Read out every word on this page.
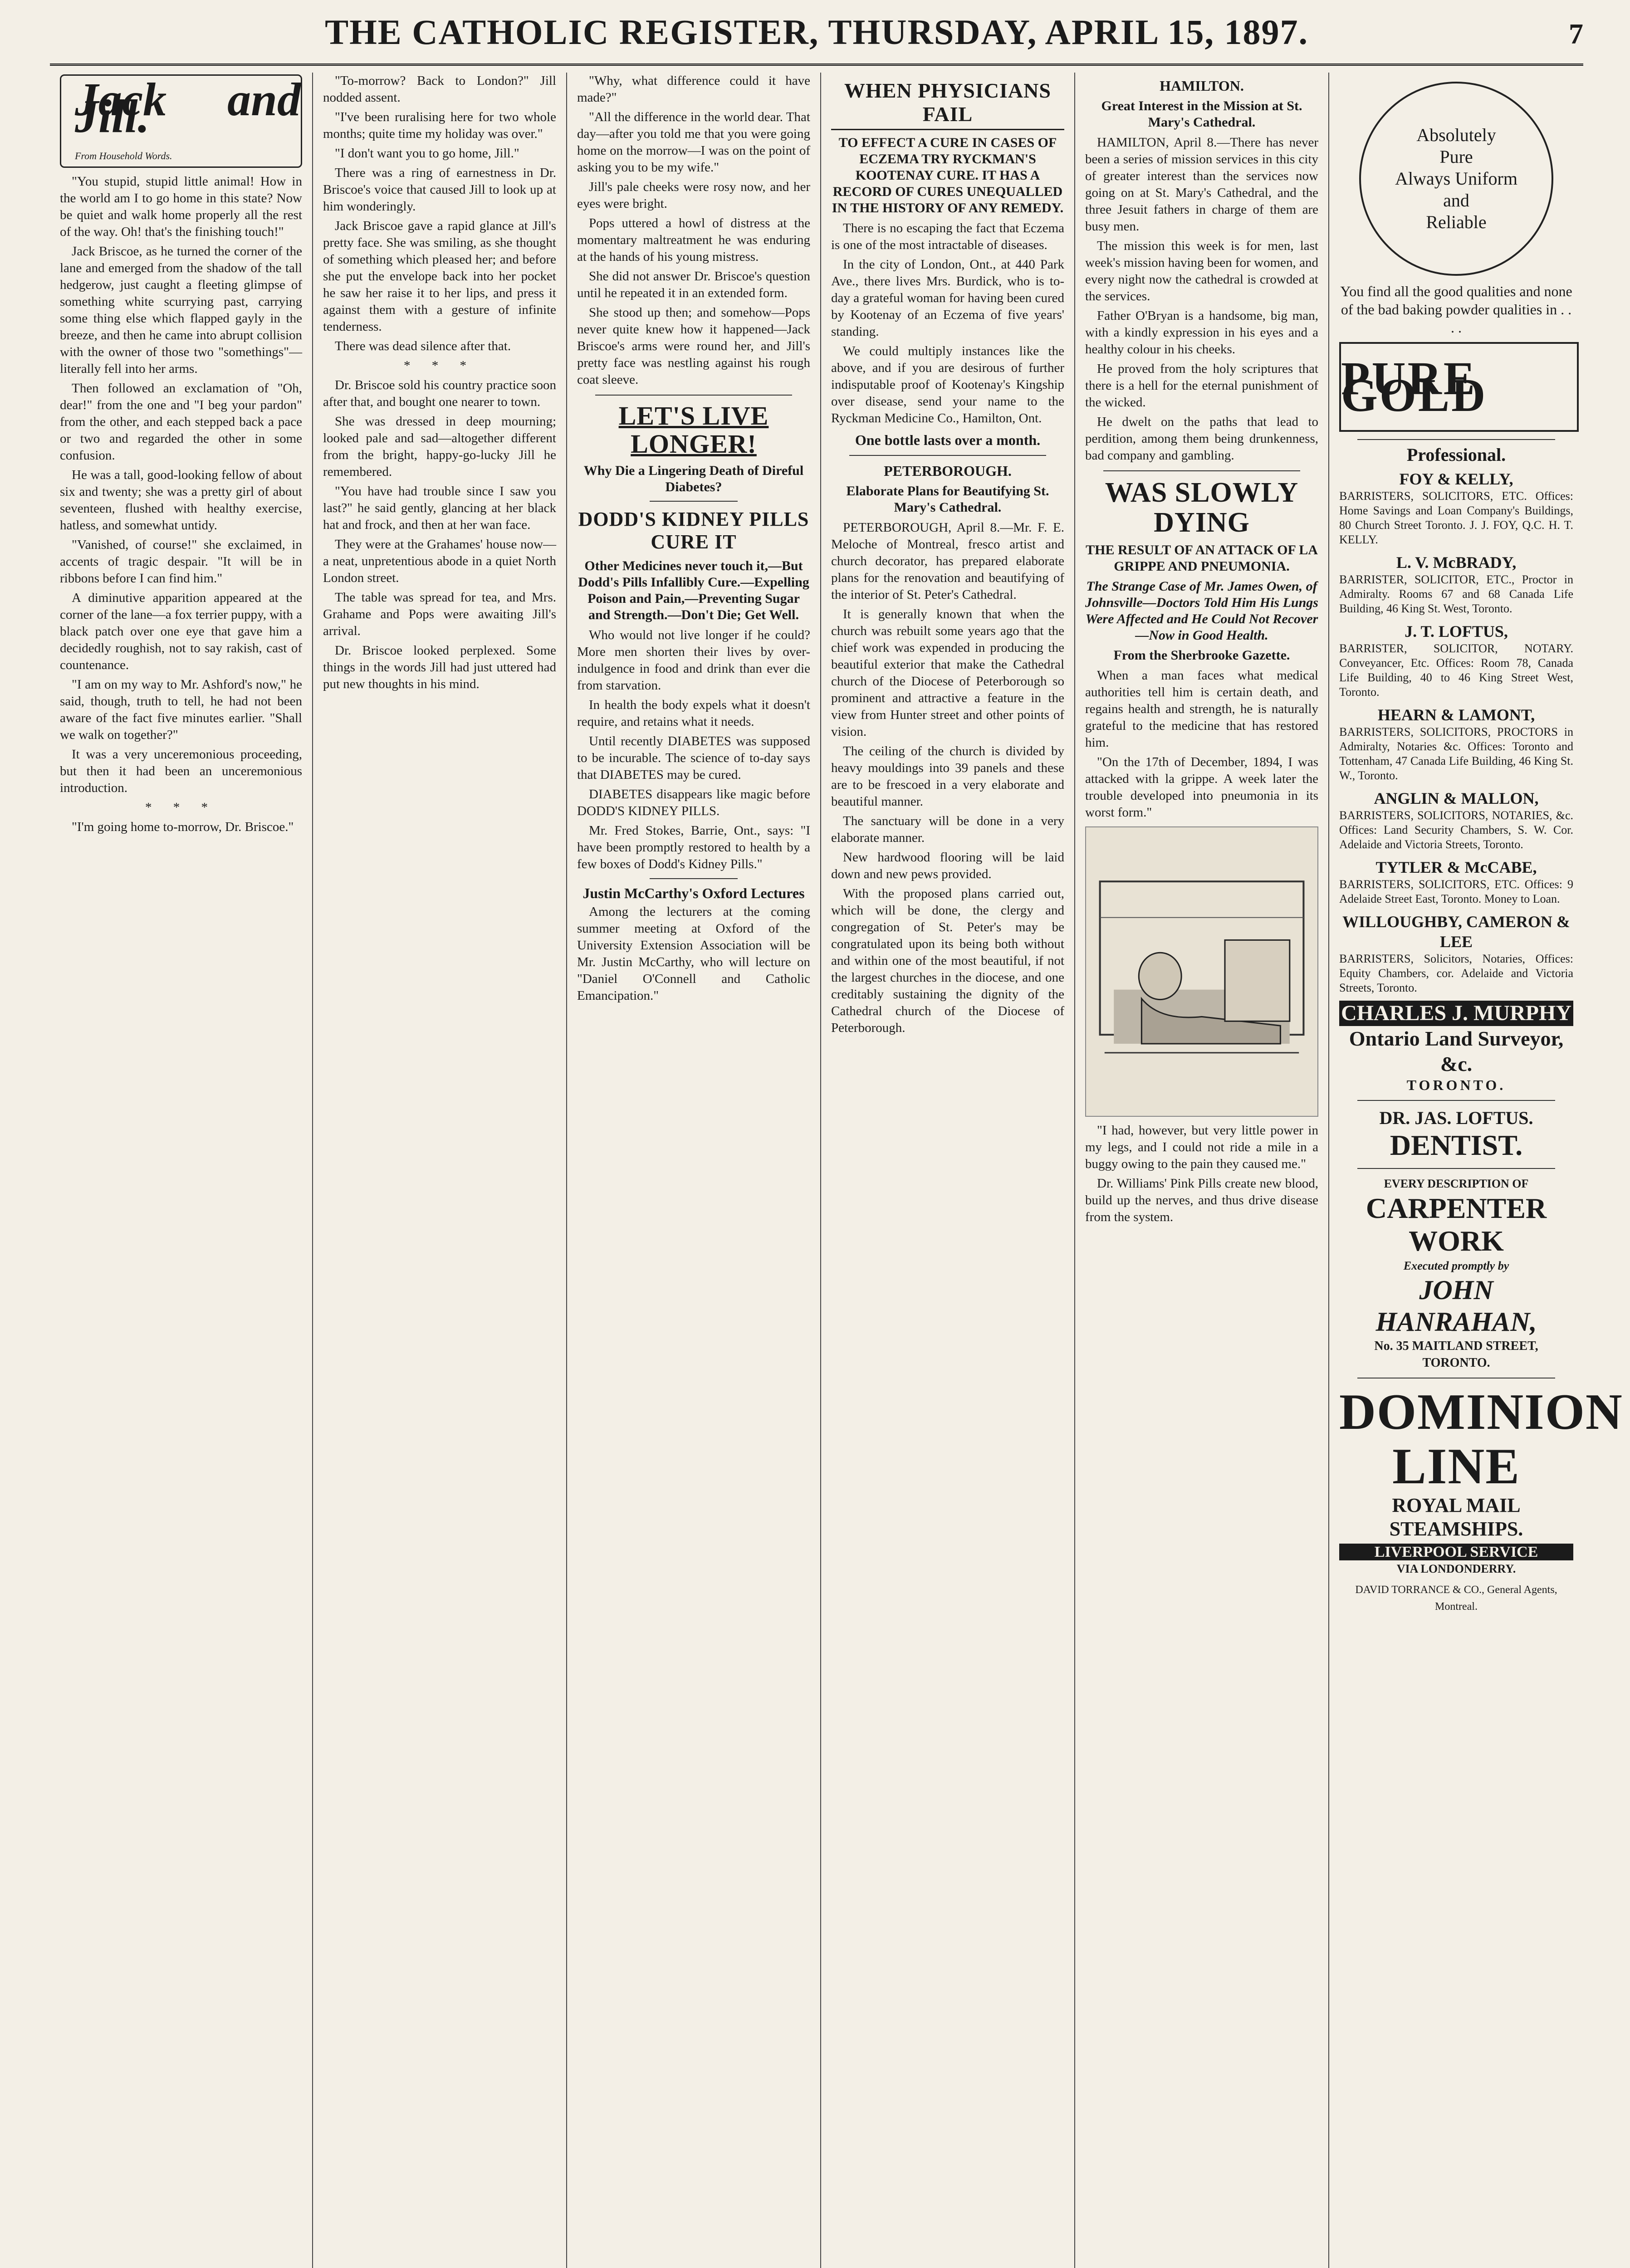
THE CATHOLIC REGISTER, THURSDAY, APRIL 15, 1897.	7
Jack and Jill.
From Household Words.

"You stupid, stupid little animal! How in the world am I to go home in this state? Now be quiet and walk home properly all the rest of the way. Oh! that's the finishing touch!"

Jack Briscoe, as he turned the corner of the lane and emerged from the shadow of the tall hedgerow, just caught a fleeting glimpse of something white scurrying past, carrying some thing else which flapped gayly in the breeze, and then he came into abrupt collision with the owner of those two "somethings"—literally fell into her arms.

Then followed an exclamation of "Oh, dear!" from the one and "I beg your pardon" from the other, and each stepped back a pace or two and regarded the other in some confusion.

He was a tall, good-looking fellow of about six and twenty; she was a pretty girl of about seventeen, flushed with healthy exercise, hatless, and somewhat untidy.

"Vanished, of course!" she exclaimed, in accents of tragic despair. "It will be in ribbons before I can find him."

A diminutive apparition appeared at the corner of the lane—a fox terrier puppy, with a black patch over one eye that gave him a decidedly roughish, not to say rakish, cast of countenance.

"I am on my way to Mr. Ashford's now," he said, though, truth to tell, he had not been aware of the fact five minutes earlier. "Shall we walk on together?"

It was a very unceremonious proceeding, but then it had been an unceremonious introduction.

* * *

"I'm going home to-morrow, Dr. Briscoe."

"To-morrow? Back to London?" Jill nodded assent.

"I've been ruralising here for two whole months; quite time my holiday was over."

"I don't want you to go home, Jill."

There was a ring of earnestness in Dr. Briscoe's voice that caused Jill to look up at him wonderingly.

Jack Briscoe gave a rapid glance at Jill's pretty face. She was smiling, as she thought of something which pleased her; and before she put the envelope back into her pocket he saw her raise it to her lips, and press it against them with a gesture of infinite tenderness.

There was dead silence after that.

* * *

Dr. Briscoe sold his country practice soon after that, and bought one nearer to town.

She was dressed in deep mourning; looked pale and sad—altogether different from the bright, happy-go-lucky Jill he remembered.

"You have had trouble since I saw you last?" he said gently, glancing at her black hat and frock, and then at her wan face.

They were at the Grahames' house now—a neat, unpretentious abode in a quiet North London street.

The table was spread for tea, and Mrs. Grahame and Pops were awaiting Jill's arrival.

Dr. Briscoe looked perplexed. Some things in the words Jill had just uttered had put new thoughts in his mind.

"Why, what difference could it have made?"

"All the difference in the world dear. That day—after you told me that you were going home on the morrow—I was on the point of asking you to be my wife."

Jill's pale cheeks were rosy now, and her eyes were bright.

Pops uttered a howl of distress at the momentary maltreatment he was enduring at the hands of his young mistress.

She did not answer Dr. Briscoe's question until he repeated it in an extended form.

She stood up then; and somehow—Pops never quite knew how it happened—Jack Briscoe's arms were round her, and Jill's pretty face was nestling against his rough coat sleeve.

LET'S LIVE LONGER!
Why Die a Lingering Death of Direful Diabetes?
DODD'S KIDNEY PILLS CURE IT
Other Medicines never touch it,—But Dodd's Pills Infallibly Cure.—Expelling Poison and Pain,—Preventing Sugar and Strength.—Don't Die; Get Well.

Who would not live longer if he could? More men shorten their lives by over-indulgence in food and drink than ever die from starvation.

In health the body expels what it doesn't require, and retains what it needs.

Until recently DIABETES was supposed to be incurable. The science of to-day says that DIABETES may be cured.

DIABETES disappears like magic before DODD'S KIDNEY PILLS.

Mr. Fred Stokes, Barrie, Ont., says: "I have been promptly restored to health by a few boxes of Dodd's Kidney Pills."

Justin McCarthy's Oxford Lectures

Among the lecturers at the coming summer meeting at Oxford of the University Extension Association will be Mr. Justin McCarthy, who will lecture on "Daniel O'Connell and Catholic Emancipation."

WHEN PHYSICIANS FAIL
TO EFFECT A CURE IN CASES OF ECZEMA TRY RYCKMAN'S KOOTENAY CURE. IT HAS A RECORD OF CURES UNEQUALLED IN THE HISTORY OF ANY REMEDY.

There is no escaping the fact that Eczema is one of the most intractable of diseases.

In the city of London, Ont., at 440 Park Ave., there lives Mrs. Burdick, who is to-day a grateful woman for having been cured by Kootenay of an Eczema of five years' standing.

We could multiply instances like the above, and if you are desirous of further indisputable proof of Kootenay's Kingship over disease, send your name to the Ryckman Medicine Co., Hamilton, Ont.

One bottle lasts over a month.
PETERBOROUGH.
Elaborate Plans for Beautifying St. Mary's Cathedral.

PETERBOROUGH, April 8.—Mr. F. E. Meloche of Montreal, fresco artist and church decorator, has prepared elaborate plans for the renovation and beautifying of the interior of St. Peter's Cathedral.

It is generally known that when the church was rebuilt some years ago that the chief work was expended in producing the beautiful exterior that make the Cathedral church of the Diocese of Peterborough so prominent and attractive a feature in the view from Hunter street and other points of vision.

The ceiling of the church is divided by heavy mouldings into 39 panels and these are to be frescoed in a very elaborate and beautiful manner.

The sanctuary will be done in a very elaborate manner.

New hardwood flooring will be laid down and new pews provided.

With the proposed plans carried out, which will be done, the clergy and congregation of St. Peter's may be congratulated upon its being both without and within one of the most beautiful, if not the largest churches in the diocese, and one creditably sustaining the dignity of the Cathedral church of the Diocese of Peterborough.

HAMILTON.
Great Interest in the Mission at St. Mary's Cathedral.

HAMILTON, April 8.—There has never been a series of mission services in this city of greater interest than the services now going on at St. Mary's Cathedral, and the three Jesuit fathers in charge of them are busy men.

The mission this week is for men, last week's mission having been for women, and every night now the cathedral is crowded at the services.

Father O'Bryan is a handsome, big man, with a kindly expression in his eyes and a healthy colour in his cheeks.

He proved from the holy scriptures that there is a hell for the eternal punishment of the wicked.

He dwelt on the paths that lead to perdition, among them being drunkenness, bad company and gambling.

WAS SLOWLY DYING
THE RESULT OF AN ATTACK OF LA GRIPPE AND PNEUMONIA.
The Strange Case of Mr. James Owen, of Johnsville—Doctors Told Him His Lungs Were Affected and He Could Not Recover—Now in Good Health.
From the Sherbrooke Gazette.

When a man faces what medical authorities tell him is certain death, and regains health and strength, he is naturally grateful to the medicine that has restored him.

"On the 17th of December, 1894, I was attacked with la grippe. A week later the trouble developed into pneumonia in its worst form."

"I had, however, but very little power in my legs, and I could not ride a mile in a buggy owing to the pain they caused me."

Dr. Williams' Pink Pills create new blood, build up the nerves, and thus drive disease from the system.

Absolutely
Pure
Always Uniform
and
Reliable

You find all the good qualities and none of the bad baking powder qualities in . . . .

PURE GOLD
Professional.
FOY & KELLY,
BARRISTERS, SOLICITORS, ETC. Offices: Home Savings and Loan Company's Buildings, 80 Church Street Toronto. J. J. FOY, Q.C. H. T. KELLY.
L. V. McBRADY,
BARRISTER, SOLICITOR, ETC., Proctor in Admiralty. Rooms 67 and 68 Canada Life Building, 46 King St. West, Toronto.
J. T. LOFTUS,
BARRISTER, SOLICITOR, NOTARY. Conveyancer, Etc. Offices: Room 78, Canada Life Building, 40 to 46 King Street West, Toronto.
HEARN & LAMONT,
BARRISTERS, SOLICITORS, PROCTORS in Admiralty, Notaries &c. Offices: Toronto and Tottenham, 47 Canada Life Building, 46 King St. W., Toronto.
ANGLIN & MALLON,
BARRISTERS, SOLICITORS, NOTARIES, &c. Offices: Land Security Chambers, S. W. Cor. Adelaide and Victoria Streets, Toronto.
TYTLER & McCABE,
BARRISTERS, SOLICITORS, ETC. Offices: 9 Adelaide Street East, Toronto. Money to Loan.
WILLOUGHBY, CAMERON & LEE
BARRISTERS, Solicitors, Notaries, Offices: Equity Chambers, cor. Adelaide and Victoria Streets, Toronto.
CHARLES J. MURPHY
Ontario Land Surveyor, &c.
TORONTO.
DR. JAS. LOFTUS.
DENTIST.
EVERY DESCRIPTION OF
CARPENTER WORK
Executed promptly by
JOHN HANRAHAN,
No. 35 MAITLAND STREET, TORONTO.
DOMINION LINE
ROYAL MAIL STEAMSHIPS.
LIVERPOOL SERVICE
VIA LONDONDERRY.
DAVID TORRANCE & CO., General Agents, Montreal.
